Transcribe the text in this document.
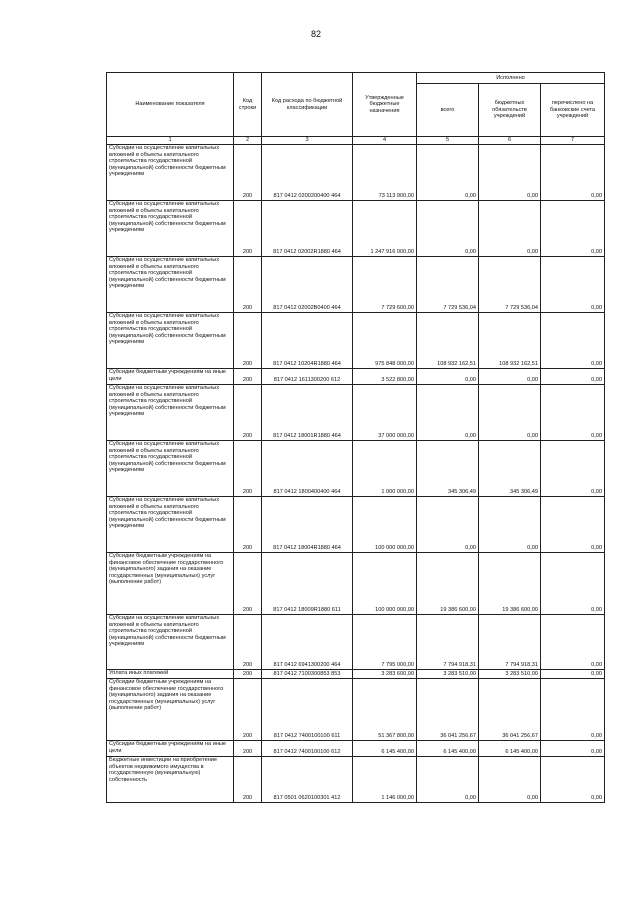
82
Наименование показателя	Код строки	Код расхода по бюджетной классификации	Утвержденные бюджетные назначения	Исполнено		
				всего	бюджетных обязательств учреждений	перечислено на банковские счета учреждений
1	2	3	4	5	6	7
Субсидии на осуществление капитальных вложений в объекты капитального строительства государственной (муниципальной) собственности бюджетным учреждениям	200	817 0412 0200200400 464	73 113 900,00	0,00	0,00	0,00
Субсидии на осуществление капитальных вложений в объекты капитального строительства государственной (муниципальной) собственности бюджетным учреждениям	200	817 0412 02002R1880 464	1 247 916 000,00	0,00	0,00	0,00
Субсидии на осуществление капитальных вложений в объекты капитального строительства государственной (муниципальной) собственности бюджетным учреждениям	200	817 0412 02002В0400 464	7 729 600,00	7 729 536,04	7 729 536,04	0,00
Субсидии на осуществление капитальных вложений в объекты капитального строительства государственной (муниципальной) собственности бюджетным учреждениям	200	817 0412 10204R1880 464	975 848 000,00	108 932 162,51	108 932 162,51	0,00
Субсидии бюджетным учреждениям на иные цели	200	817 0412 1611300200 612	3 522 800,00	0,00	0,00	0,00
Субсидии на осуществление капитальных вложений в объекты капитального строительства государственной (муниципальной) собственности бюджетным учреждениям	200	817 0412 18001R1880 464	37 000 000,00	0,00	0,00	0,00
Субсидии на осуществление капитальных вложений в объекты капитального строительства государственной (муниципальной) собственности бюджетным учреждениям	200	817 0412 1800400400 464	1 000 000,00	345 306,49	345 306,49	0,00
Субсидии на осуществление капитальных вложений в объекты капитального строительства государственной (муниципальной) собственности бюджетным учреждениям	200	817 0412 18004R1880 464	100 000 000,00	0,00	0,00	0,00
Субсидии бюджетным учреждениям на финансовое обеспечение государственного (муниципального) задания на оказание государственных (муниципальных) услуг (выполнение работ)	200	817 0412 18009R1880 611	100 000 000,00	19 386 600,00	19 386 600,00	0,00
Субсидии на осуществление капитальных вложений в объекты капитального строительства государственной (муниципальной) собственности бюджетным учреждениям	200	817 0412 6941300200 464	7 795 000,00	7 794 918,31	7 794 918,31	0,00
Уплата иных платежей	200	817 0412 7100300853 853	3 283 600,00	3 283 510,00	3 283 510,00	0,00
Субсидии бюджетным учреждениям на финансовое обеспечение государственного (муниципального) задания на оказание государственных (муниципальных) услуг (выполнение работ)	200	817 0412 7400100100 611	51 367 800,00	36 041 256,67	36 041 256,67	0,00
Субсидии бюджетным учреждениям на иные цели	200	817 0412 7400100100 612	6 145 400,00	6 145 400,00	6 145 400,00	0,00
Бюджетные инвестиции на приобретение объектов недвижимого имущества в государственную (муниципальную) собственность	200	817 0501 0620100301 412	1 146 000,00	0,00	0,00	0,00
